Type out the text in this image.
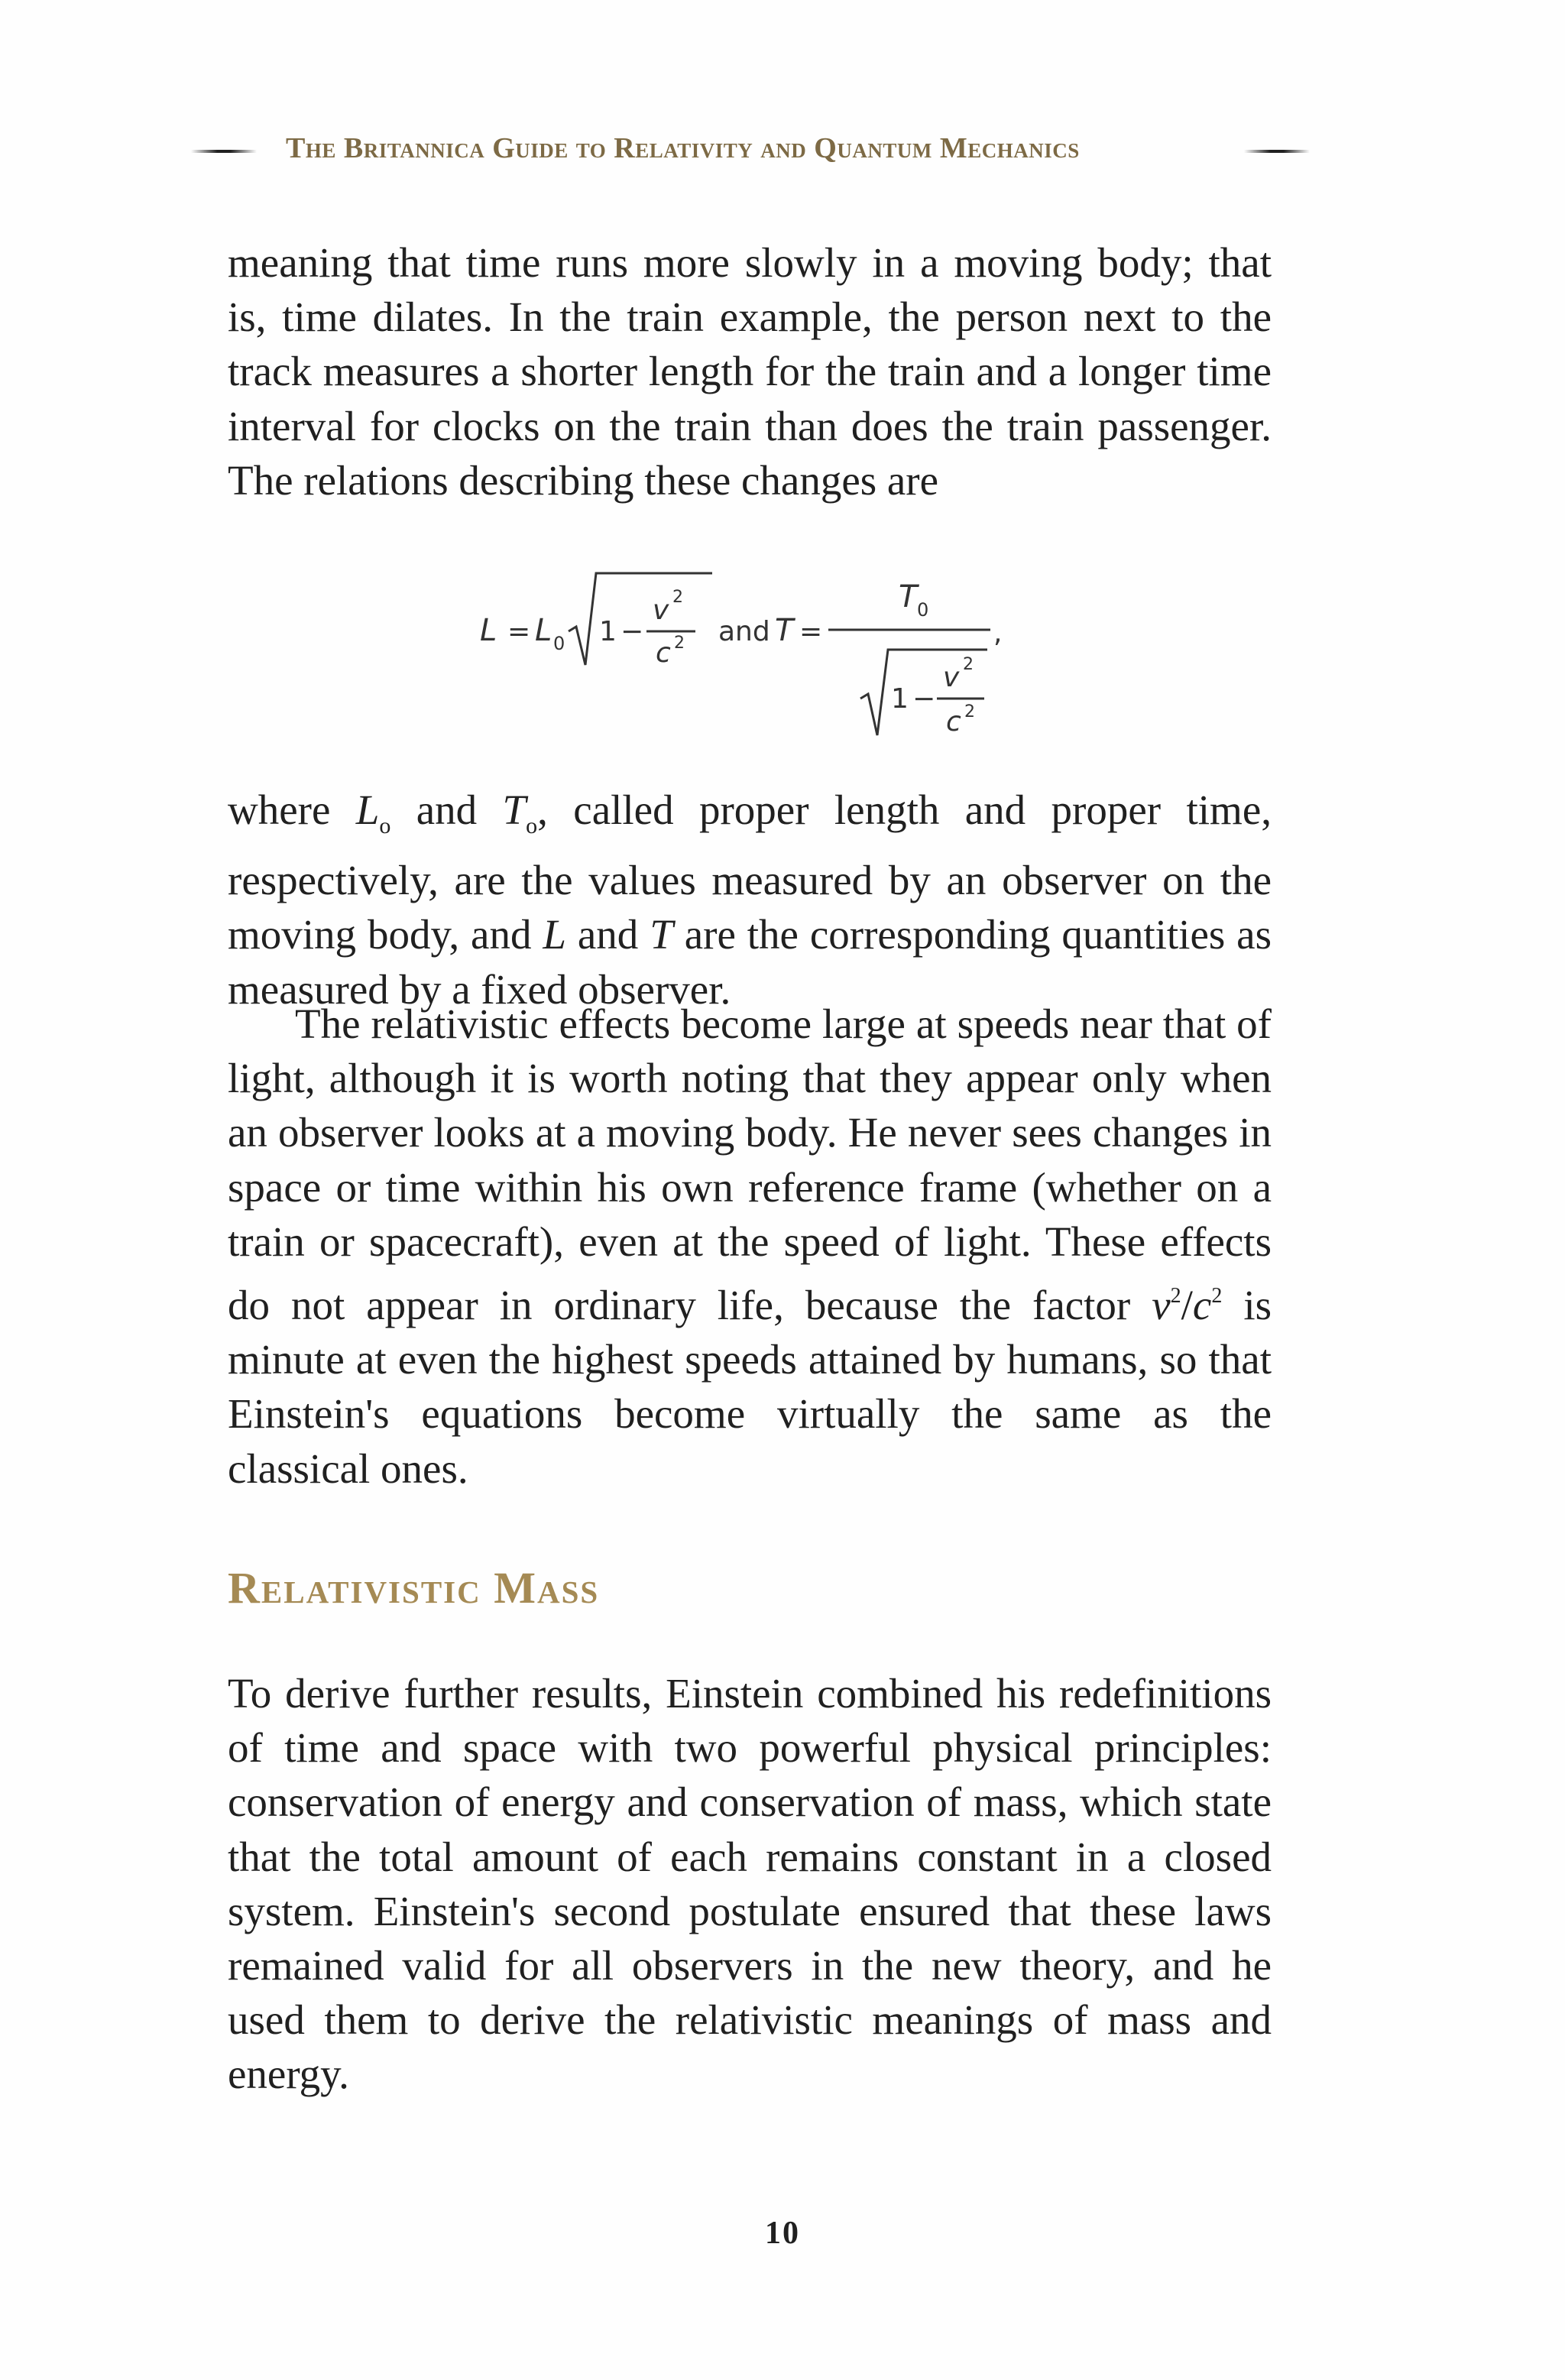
The Britannica Guide to Relativity and Quantum Mechanics

meaning that time runs more slowly in a moving body; that is, time dilates. In the train example, the person next to the track measures a shorter length for the train and a longer time interval for clocks on the train than does the train passenger. The relations describing these changes are

L = L 0 1 −
v 2
c 2 and T =
T 0
,
1 −
v 2
c 2

where $L_o$ and $T_o$, called proper length and proper time, respectively, are the values measured by an observer on the moving body, and L and T are the corresponding quantities as measured by a fixed observer.

The relativistic effects become large at speeds near that of light, although it is worth noting that they appear only when an observer looks at a moving body. He never sees changes in space or time within his own reference frame (whether on a train or spacecraft), even at the speed of light. These effects do not appear in ordinary life, because the factor $v^2/c^2$ is minute at even the highest speeds attained by humans, so that Einstein's equations become virtually the same as the classical ones.

Relativistic Mass

To derive further results, Einstein combined his redefinitions of time and space with two powerful physical principles: conservation of energy and conservation of mass, which state that the total amount of each remains constant in a closed system. Einstein's second postulate ensured that these laws remained valid for all observers in the new theory, and he used them to derive the relativistic meanings of mass and energy.

10
